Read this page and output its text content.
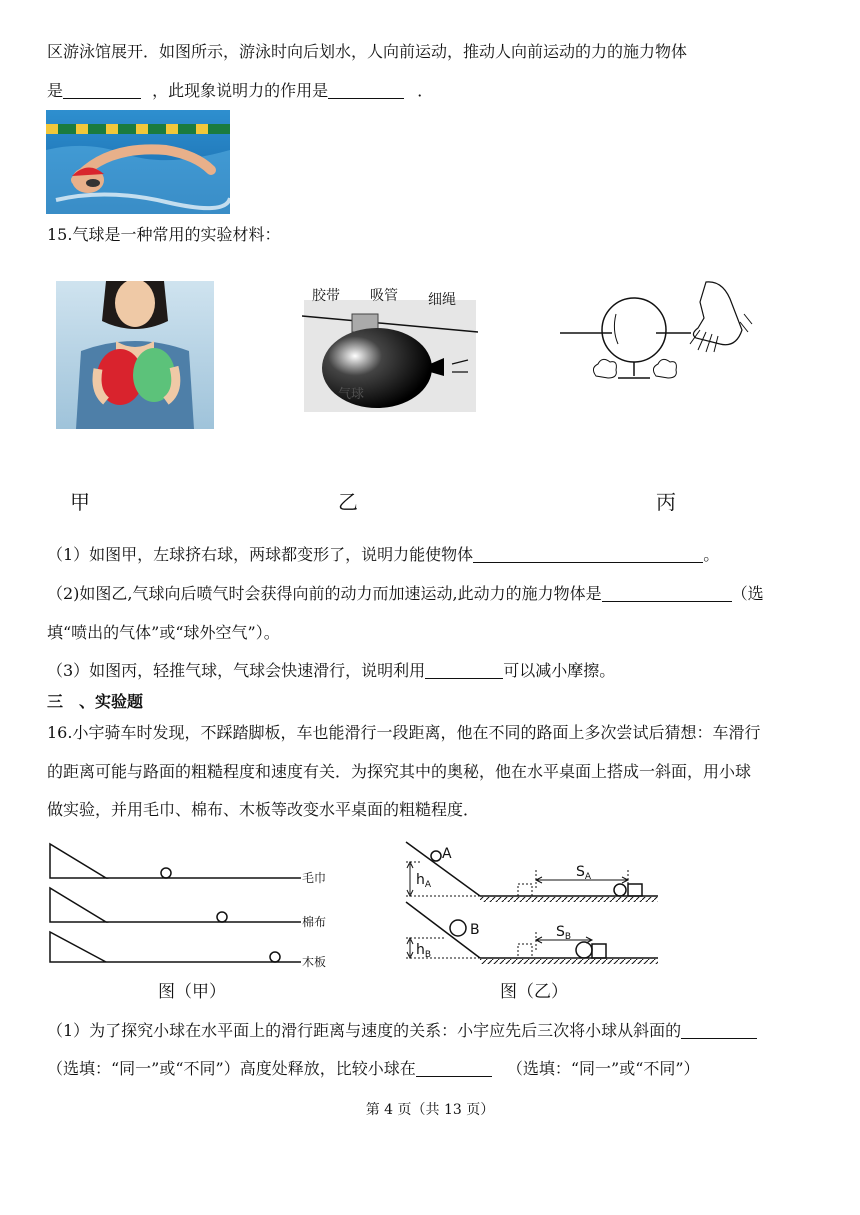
区游泳馆展开．如图所示，游泳时向后划水，人向前运动，推动人向前运动的力的施力物体
是	，此现象说明力的作用是	．
15.气球是一种常用的实验材料：
胶带 吸管 细绳
气球
甲	乙	丙
（1）如图甲，左球挤右球，两球都变形了，说明力能使物体	。
（2)如图乙,气球向后喷气时会获得向前的动力而加速运动,此动力的施力物体是	（选
填“喷出的气体”或“球外空气”）。
（3）如图丙，轻推气球，气球会快速滑行，说明利用	可以减小摩擦。
三　、实验题
16.小宇骑车时发现，不踩踏脚板，车也能滑行一段距离，他在不同的路面上多次尝试后猜想：车滑行
的距离可能与路面的粗糙程度和速度有关．为探究其中的奥秘，他在水平桌面上搭成一斜面，用小球
做实验，并用毛巾、棉布、木板等改变水平桌面的粗糙程度．
毛巾
棉布
木板
图（甲）
A
B
$h_A$
$h_B$
$S_A$
$S_B$
图（乙）
（1）为了探究小球在水平面上的滑行距离与速度的关系：小宇应先后三次将小球从斜面的
（选填：“同一”或“不同”）高度处释放，比较小球在	（选填：“同一”或“不同”）
第 4 页（共 13 页）
